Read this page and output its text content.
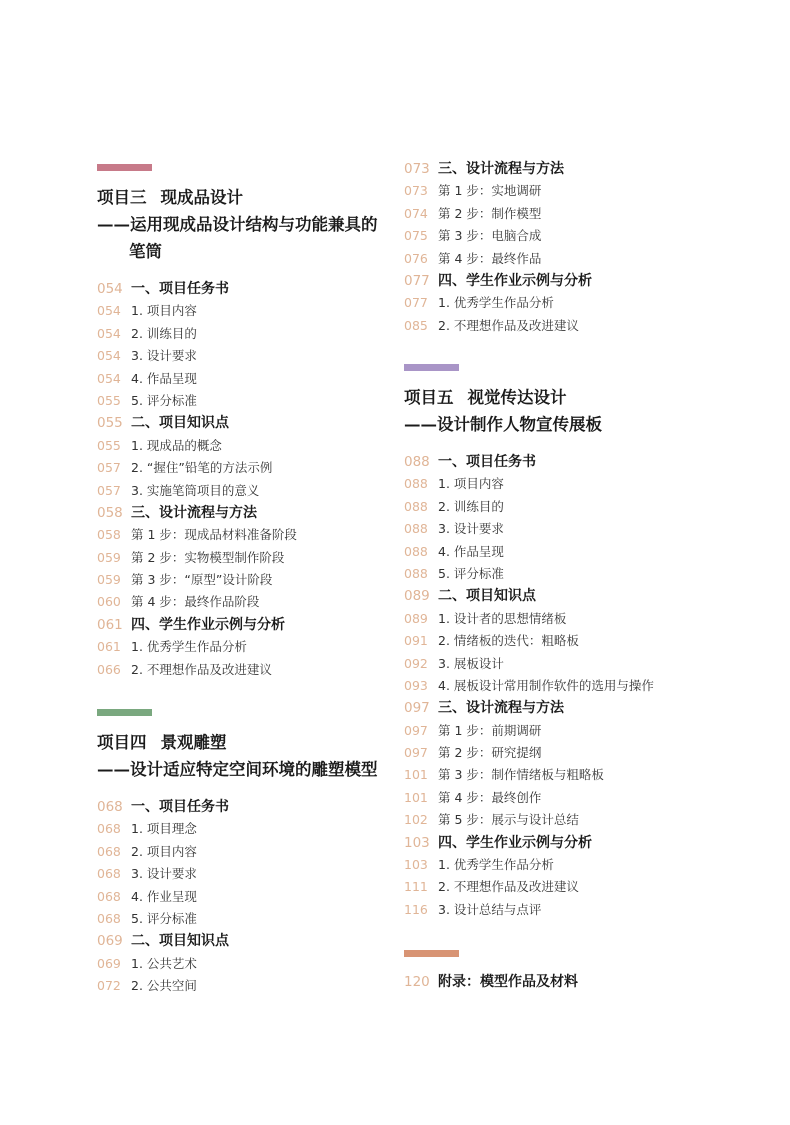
项目三 现成品设计
——运用现成品设计结构与功能兼具的笔筒
054 一、项目任务书
054 1. 项目内容
054 2. 训练目的
054 3. 设计要求
054 4. 作品呈现
055 5. 评分标准
055 二、项目知识点
055 1. 现成品的概念
057 2. “握住”铅笔的方法示例
057 3. 实施笔筒项目的意义
058 三、设计流程与方法
058 第 1 步：现成品材料准备阶段
059 第 2 步：实物模型制作阶段
059 第 3 步：“原型”设计阶段
060 第 4 步：最终作品阶段
061 四、学生作业示例与分析
061 1. 优秀学生作品分析
066 2. 不理想作品及改进建议
项目四 景观雕塑
——设计适应特定空间环境的雕塑模型
068 一、项目任务书
068 1. 项目理念
068 2. 项目内容
068 3. 设计要求
068 4. 作业呈现
068 5. 评分标准
069 二、项目知识点
069 1. 公共艺术
072 2. 公共空间
073 三、设计流程与方法
073 第 1 步：实地调研
074 第 2 步：制作模型
075 第 3 步：电脑合成
076 第 4 步：最终作品
077 四、学生作业示例与分析
077 1. 优秀学生作品分析
085 2. 不理想作品及改进建议
项目五 视觉传达设计
——设计制作人物宣传展板
088 一、项目任务书
088 1. 项目内容
088 2. 训练目的
088 3. 设计要求
088 4. 作品呈现
088 5. 评分标准
089 二、项目知识点
089 1. 设计者的思想情绪板
091 2. 情绪板的迭代：粗略板
092 3. 展板设计
093 4. 展板设计常用制作软件的选用与操作
097 三、设计流程与方法
097 第 1 步：前期调研
097 第 2 步：研究提纲
101 第 3 步：制作情绪板与粗略板
101 第 4 步：最终创作
102 第 5 步：展示与设计总结
103 四、学生作业示例与分析
103 1. 优秀学生作品分析
111 2. 不理想作品及改进建议
116 3. 设计总结与点评
120 附录：模型作品及材料
